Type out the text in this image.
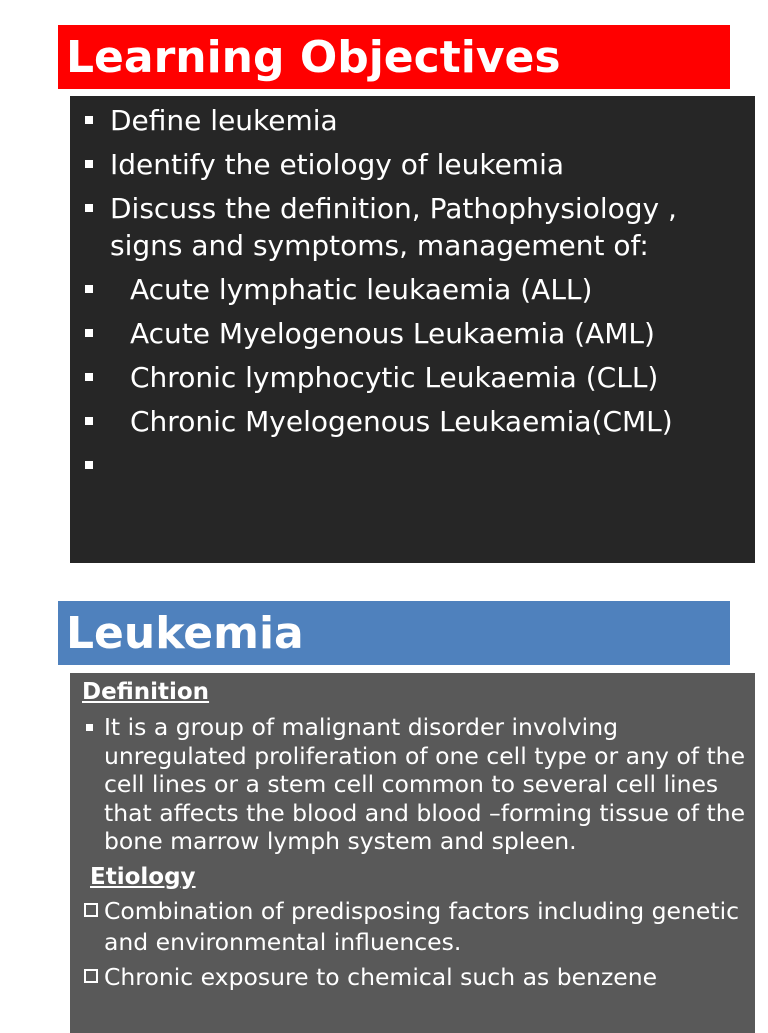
Learning Objectives
Define leukemia
Identify the etiology of leukemia
Discuss the definition, Pathophysiology , signs and symptoms, management of:
Acute lymphatic leukaemia (ALL)
Acute Myelogenous Leukaemia (AML)
Chronic lymphocytic Leukaemia (CLL)
Chronic Myelogenous Leukaemia(CML)
Leukemia
Definition
It is a group of malignant disorder involving unregulated proliferation of one cell type or any of the cell lines or a stem cell common to several cell lines that affects the blood and blood –forming tissue of the bone marrow lymph system and spleen.
Etiology
Combination of predisposing factors including genetic and environmental influences.
Chronic exposure to chemical such as benzene
